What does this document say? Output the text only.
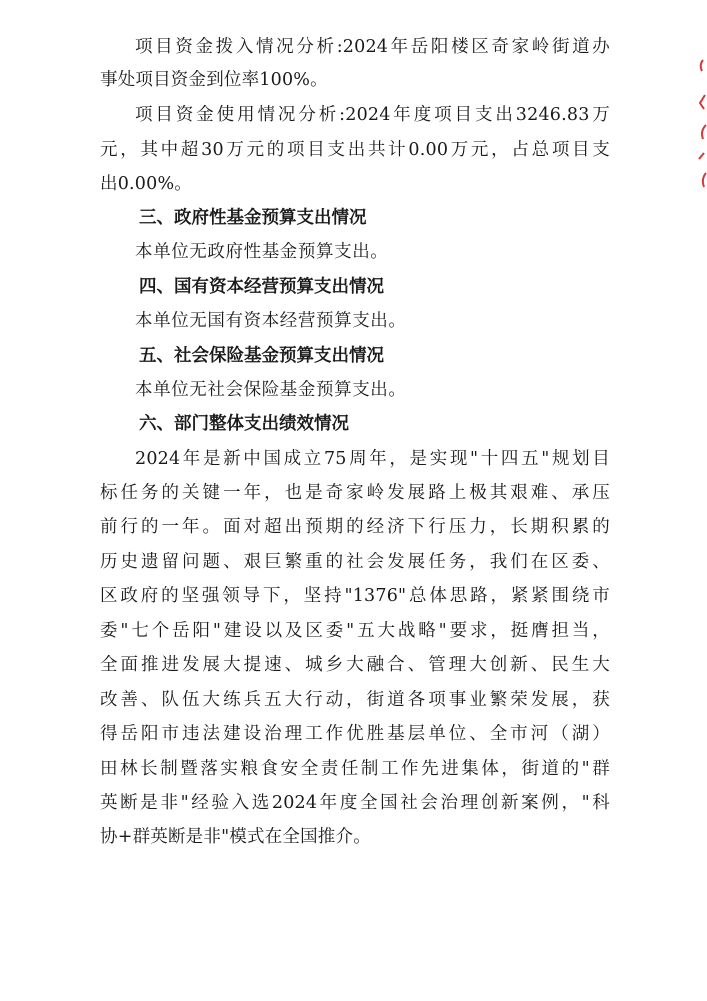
项目资金拨入情况分析:2024年岳阳楼区奇家岭街道办
事处项目资金到位率100%。
项目资金使用情况分析:2024年度项目支出3246.83万
元，其中超30万元的项目支出共计0.00万元，占总项目支
出0.00%。
三、政府性基金预算支出情况
本单位无政府性基金预算支出。
四、国有资本经营预算支出情况
本单位无国有资本经营预算支出。
五、社会保险基金预算支出情况
本单位无社会保险基金预算支出。
六、部门整体支出绩效情况
2024年是新中国成立75周年，是实现"十四五"规划目
标任务的关键一年，也是奇家岭发展路上极其艰难、承压
前行的一年。面对超出预期的经济下行压力，长期积累的
历史遗留问题、艰巨繁重的社会发展任务，我们在区委、
区政府的坚强领导下，坚持"1376"总体思路，紧紧围绕市
委"七个岳阳"建设以及区委"五大战略"要求，挺膺担当，
全面推进发展大提速、城乡大融合、管理大创新、民生大
改善、队伍大练兵五大行动，街道各项事业繁荣发展，获
得岳阳市违法建设治理工作优胜基层单位、全市河（湖）
田林长制暨落实粮食安全责任制工作先进集体，街道的"群
英断是非"经验入选2024年度全国社会治理创新案例，"科
协+群英断是非"模式在全国推介。
